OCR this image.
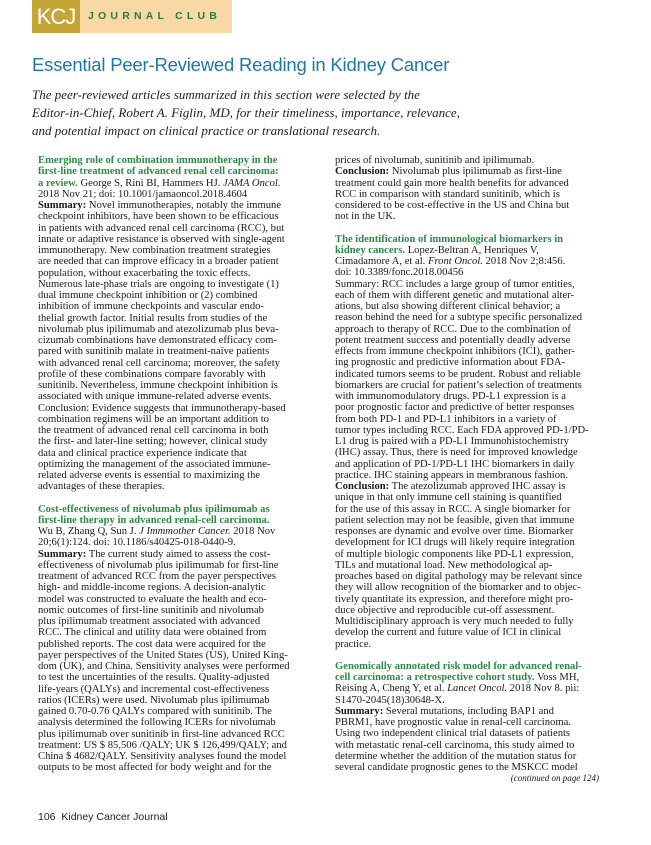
KCJ	JOURNAL CLUB
Essential Peer-Reviewed Reading in Kidney Cancer
The peer-reviewed articles summarized in this section were selected by the
Editor-in-Chief, Robert A. Figlin, MD, for their timeliness, importance, relevance,
and potential impact on clinical practice or translational research.
Emerging role of combination immunotherapy in the
first-line treatment of advanced renal cell carcinoma:
a review. George S, Rini BI, Hammers HJ. JAMA Oncol.
2018 Nov 21; doi: 10.1001/jamaoncol.2018.4604
Summary: Novel immunotherapies, notably the immune
checkpoint inhibitors, have been shown to be efficacious
in patients with advanced renal cell carcinoma (RCC), but
innate or adaptive resistance is observed with single-agent
immunotherapy. New combination treatment strategies
are needed that can improve efficacy in a broader patient
population, without exacerbating the toxic effects.
Numerous late-phase trials are ongoing to investigate (1)
dual immune checkpoint inhibition or (2) combined
inhibition of immune checkpoints and vascular endo-
thelial growth factor. Initial results from studies of the
nivolumab plus ipilimumab and atezolizumab plus beva-
cizumab combinations have demonstrated efficacy com-
pared with sunitinib malate in treatment-naïve patients
with advanced renal cell carcinoma; moreover, the safety
profile of these combinations compare favorably with
sunitinib. Nevertheless, immune checkpoint inhibition is
associated with unique immune-related adverse events.
Conclusion: Evidence suggests that immunotherapy-based
combination regimens will be an important addition to
the treatment of advanced renal cell carcinoma in both
the first- and later-line setting; however, clinical study
data and clinical practice experience indicate that
optimizing the management of the associated immune-
related adverse events is essential to maximizing the
advantages of these therapies.
Cost-effectiveness of nivolumab plus ipilimumab as
first-line therapy in advanced renal-cell carcinoma.
Wu B, Zhang Q, Sun J. J Immmother Cancer. 2018 Nov
20;6(1):124. doi: 10.1186/s40425-018-0440-9.
Summary: The current study aimed to assess the cost-
effectiveness of nivolumab plus ipilimumab for first-line
treatment of advanced RCC from the payer perspectives
high- and middle-income regions. A decision-analytic
model was constructed to evaluate the health and eco-
nomic outcomes of first-line sunitinib and nivolumab
plus ipilimumab treatment associated with advanced
RCC. The clinical and utility data were obtained from
published reports. The cost data were acquired for the
payer perspectives of the United States (US), United King-
dom (UK), and China. Sensitivity analyses were performed
to test the uncertainties of the results. Quality-adjusted
life-years (QALYs) and incremental cost-effectiveness
ratios (ICERs) were used. Nivolumab plus ipilimumab
gained 0.70-0.76 QALYs compared with sunitinib. The
analysis determined the following ICERs for nivolumab
plus ipilimumab over sunitinib in first-line advanced RCC
treatment: US $ 85,506 /QALY; UK $ 126,499/QALY; and
China $ 4682/QALY. Sensitivity analyses found the model
outputs to be most affected for body weight and for the
prices of nivolumab, sunitinib and ipilimumab.
Conclusion: Nivolumab plus ipilimumab as first-line
treatment could gain more health benefits for advanced
RCC in comparison with standard sunitinib, which is
considered to be cost-effective in the US and China but
not in the UK.
The identification of immunological biomarkers in
kidney cancers. Lopez-Beltran A, Henriques V,
Cimadamore A, et al. Front Oncol. 2018 Nov 2;8:456.
doi: 10.3389/fonc.2018.00456
Summary: RCC includes a large group of tumor entities,
each of them with different genetic and mutational alter-
ations, but also showing different clinical behavior; a
reason behind the need for a subtype specific personalized
approach to therapy of RCC. Due to the combination of
potent treatment success and potentially deadly adverse
effects from immune checkpoint inhibitors (ICI), gather-
ing prognostic and predictive information about FDA-
indicated tumors seems to be prudent. Robust and reliable
biomarkers are crucial for patient’s selection of treatments
with immunomodulatory drugs. PD-L1 expression is a
poor prognostic factor and predictive of better responses
from both PD-1 and PD-L1 inhibitors in a variety of
tumor types including RCC. Each FDA approved PD-1/PD-
L1 drug is paired with a PD-L1 Immunohistochemistry
(IHC) assay. Thus, there is need for improved knowledge
and application of PD-1/PD-L1 IHC biomarkers in daily
practice. IHC staining appears in membranous fashion.
Conclusion: The atezolizumab approved IHC assay is
unique in that only immune cell staining is quantified
for the use of this assay in RCC. A single biomarker for
patient selection may not be feasible, given that immune
responses are dynamic and evolve over time. Biomarker
development for ICI drugs will likely require integration
of multiple biologic components like PD-L1 expression,
TILs and mutational load. New methodological ap-
proaches based on digital pathology may be relevant since
they will allow recognition of the biomarker and to objec-
tively quantitate its expression, and therefore might pro-
duce objective and reproducible cut-off assessment.
Multidisciplinary approach is very much needed to fully
develop the current and future value of ICI in clinical
practice.
Genomically annotated risk model for advanced renal-
cell carcinoma: a retrospective cohort study. Voss MH,
Reising A, Cheng Y, et al. Lancet Oncol. 2018 Nov 8. pii:
S1470-2045(18)30648-X.
Summary: Several mutations, including BAP1 and
PBRM1, have prognostic value in renal-cell carcinoma.
Using two independent clinical trial datasets of patients
with metastatic renal-cell carcinoma, this study aimed to
determine whether the addition of the mutation status for
several candidate prognostic genes to the MSKCC model
(continued on page 124)
106 Kidney Cancer Journal
